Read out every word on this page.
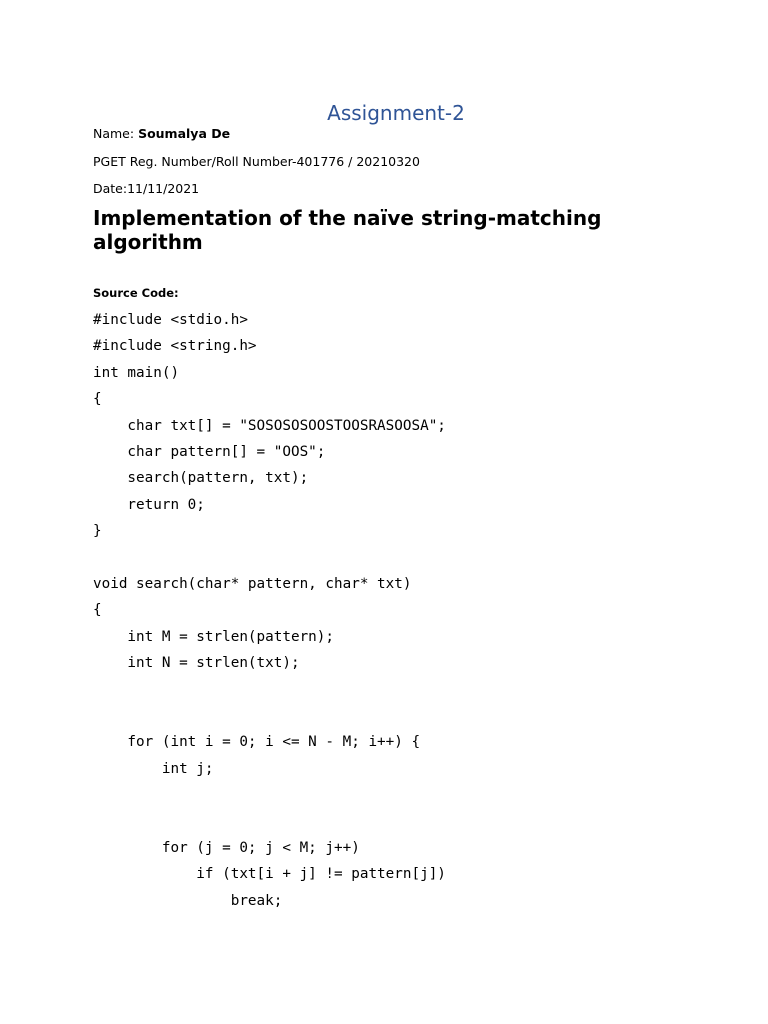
Assignment-2
Name: Soumalya De
PGET Reg. Number/Roll Number-401776 / 20210320
Date:11/11/2021
Implementation of the naïve string-matching algorithm
Source Code:
#include <stdio.h>
#include <string.h>
int main()
{
char txt[] = "SOSOSOSOOSTOOSRASOOSA";
char pattern[] = "OOS";
search(pattern, txt);
return 0;
}
void search(char* pattern, char* txt)
{
int M = strlen(pattern);
int N = strlen(txt);
for (int i = 0; i <= N - M; i++) {
int j;
for (j = 0; j < M; j++)
if (txt[i + j] != pattern[j])
break;
